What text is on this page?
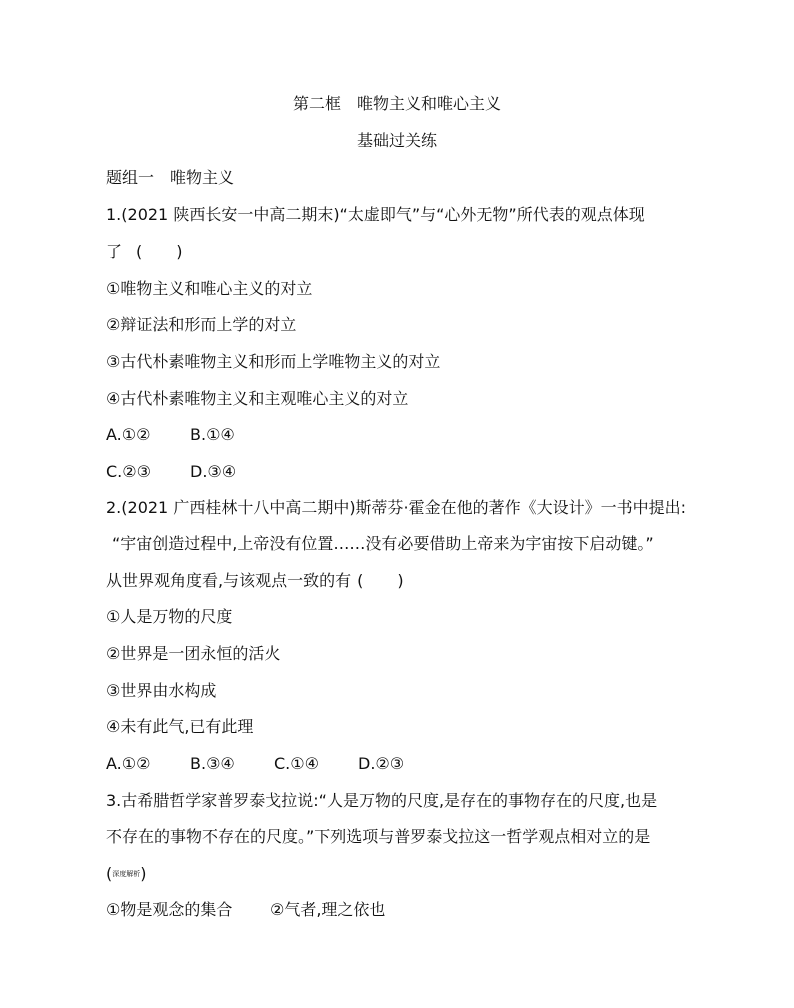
第二框　唯物主义和唯心主义
基础过关练
题组一　唯物主义
1.(2021 陕西长安一中高二期末)“太虚即气”与“心外无物”所代表的观点体现
了 ( )
①唯物主义和唯心主义的对立
②辩证法和形而上学的对立
③古代朴素唯物主义和形而上学唯物主义的对立
④古代朴素唯物主义和主观唯心主义的对立
A.①② B.①④
C.②③ D.③④
2.(2021 广西桂林十八中高二期中)斯蒂芬·霍金在他的著作《大设计》一书中提出:
“宇宙创造过程中,上帝没有位置……没有必要借助上帝来为宇宙按下启动键。”
从世界观角度看,与该观点一致的有 ( )
①人是万物的尺度
②世界是一团永恒的活火
③世界由水构成
④未有此气,已有此理
A.①② B.③④ C.①④ D.②③
3.古希腊哲学家普罗泰戈拉说:“人是万物的尺度,是存在的事物存在的尺度,也是
不存在的事物不存在的尺度。”下列选项与普罗泰戈拉这一哲学观点相对立的是
(深度解析)
①物是观念的集合 ②气者,理之依也
